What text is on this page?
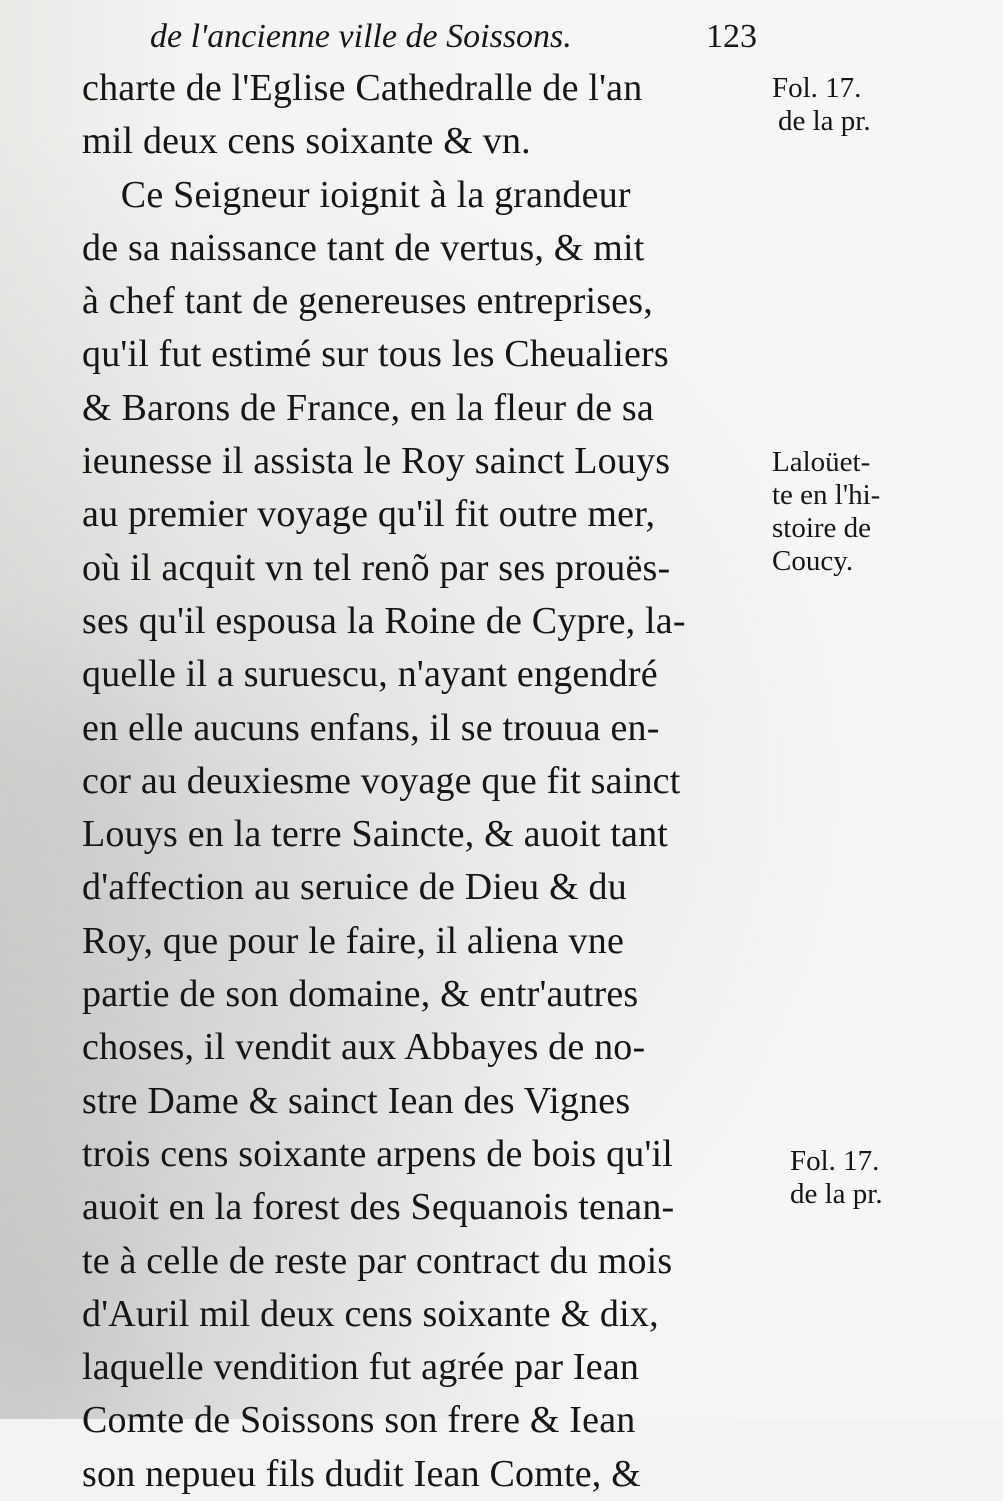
de l'ancienne ville de Soissons.	123
charte de l'Eglise Cathedralle de l'an
mil deux cens soixante & vn.
Ce Seigneur ioignit à la grandeur
de sa naissance tant de vertus, & mit
à chef tant de genereuses entreprises,
qu'il fut estimé sur tous les Cheualiers
& Barons de France, en la fleur de sa
ieunesse il assista le Roy sainct Louys
au premier voyage qu'il fit outre mer,
où il acquit vn tel renõ par ses prouës-
ses qu'il espousa la Roine de Cypre, la-
quelle il a suruescu, n'ayant engendré
en elle aucuns enfans, il se trouua en-
cor au deuxiesme voyage que fit sainct
Louys en la terre Saincte, & auoit tant
d'affection au seruice de Dieu & du
Roy, que pour le faire, il aliena vne
partie de son domaine, & entr'autres
choses, il vendit aux Abbayes de no-
stre Dame & sainct Iean des Vignes
trois cens soixante arpens de bois qu'il
auoit en la forest des Sequanois tenan-
te à celle de reste par contract du mois
d'Auril mil deux cens soixante & dix,
laquelle vendition fut agrée par Iean
Comte de Soissons son frere & Iean
son nepueu fils dudit Iean Comte, &
Fol. 17.
de la pr.
Laloüet-
te en l'hi-
stoire de
Coucy.
Fol. 17.
de la pr.
